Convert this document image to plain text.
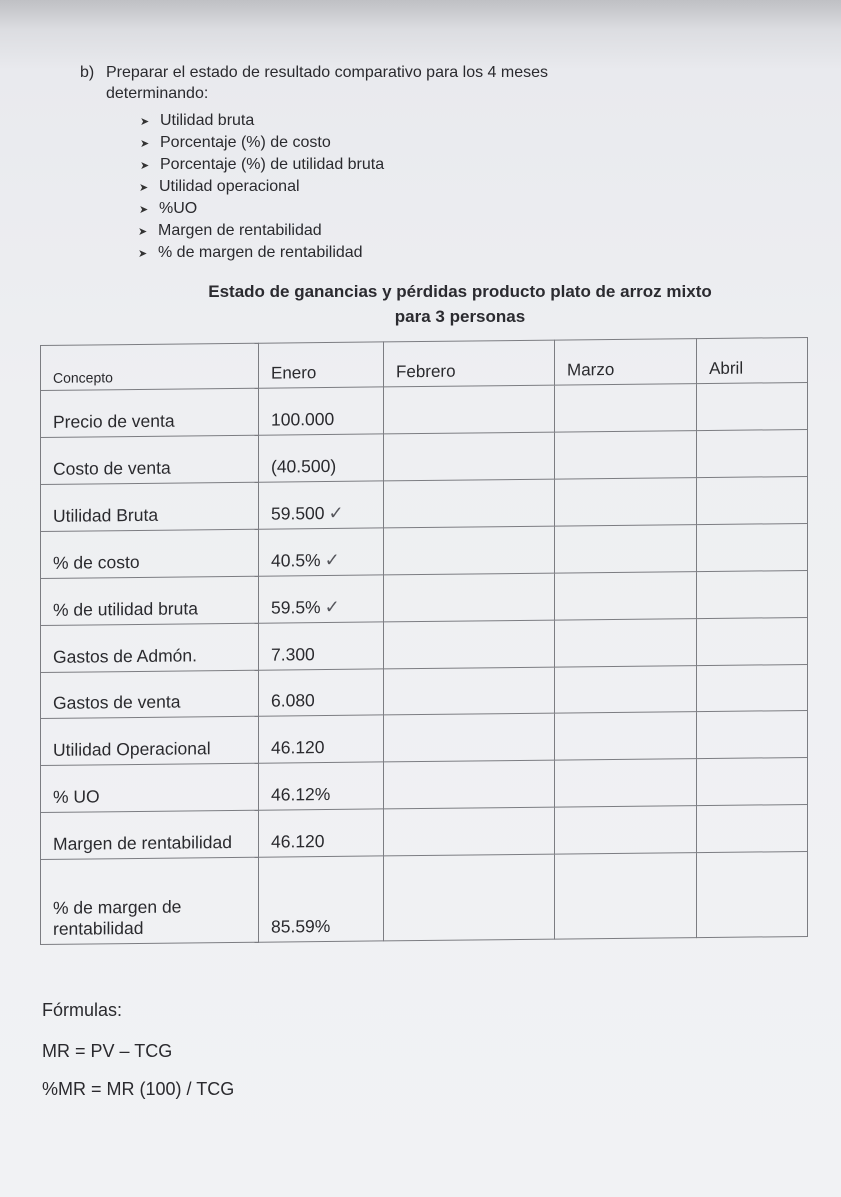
b) Preparar el estado de resultado comparativo para los 4 meses
determinando:
➤ Utilidad bruta
➤ Porcentaje (%) de costo
➤ Porcentaje (%) de utilidad bruta
➤ Utilidad operacional
➤ %UO
➤ Margen de rentabilidad
➤ % de margen de rentabilidad
Estado de ganancias y pérdidas producto plato de arroz mixto
para 3 personas
Concepto	Enero	Febrero	Marzo	Abril
Precio de venta	100.000			
Costo de venta	(40.500)			
Utilidad Bruta	59.500 ✓			
% de costo	40.5% ✓			
% de utilidad bruta	59.5% ✓			
Gastos de Admón.	7.300			
Gastos de venta	6.080			
Utilidad Operacional	46.120			
% UO	46.12%			
Margen de rentabilidad	46.120			
% de margen de rentabilidad	85.59%			
Fórmulas:
MR = PV – TCG
%MR = MR (100) / TCG
